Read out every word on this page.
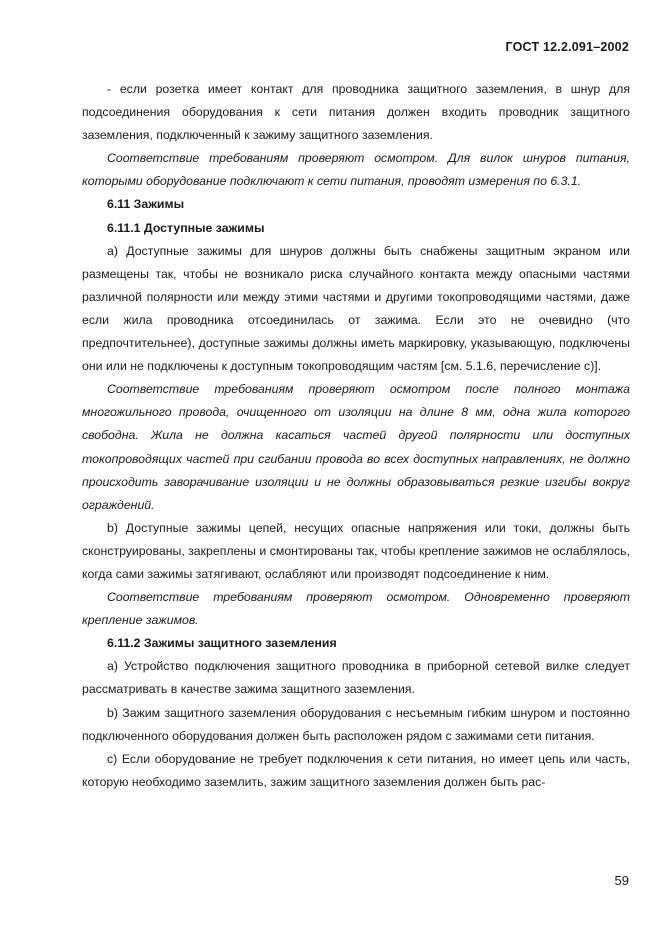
ГОСТ 12.2.091–2002

- если розетка имеет контакт для проводника защитного заземления, в шнур для подсоединения оборудования к сети питания должен входить проводник защитного заземления, подключенный к зажиму защитного заземления.

Соответствие требованиям проверяют осмотром. Для вилок шнуров питания, которыми оборудование подключают к сети питания, проводят измерения по 6.3.1.

6.11 Зажимы

6.11.1 Доступные зажимы

a) Доступные зажимы для шнуров должны быть снабжены защитным экраном или размещены так, чтобы не возникало риска случайного контакта между опасными частями различной полярности или между этими частями и другими токопроводящими частями, даже если жила проводника отсоединилась от зажима. Если это не очевидно (что предпочтительнее), доступные зажимы должны иметь маркировку, указывающую, подключены они или не подключены к доступным токопроводящим частям [см. 5.1.6, перечисление c)].

Соответствие требованиям проверяют осмотром после полного монтажа многожильного провода, очищенного от изоляции на длине 8 мм, одна жила которого свободна. Жила не должна касаться частей другой полярности или доступных токопроводящих частей при сгибании провода во всех доступных направлениях, не должно происходить заворачивание изоляции и не должны образовываться резкие изгибы вокруг ограждений.

b) Доступные зажимы цепей, несущих опасные напряжения или токи, должны быть сконструированы, закреплены и смонтированы так, чтобы крепление зажимов не ослаблялось, когда сами зажимы затягивают, ослабляют или производят подсоединение к ним.

Соответствие требованиям проверяют осмотром. Одновременно проверяют крепление зажимов.

6.11.2 Зажимы защитного заземления

a) Устройство подключения защитного проводника в приборной сетевой вилке следует рассматривать в качестве зажима защитного заземления.

b) Зажим защитного заземления оборудования с несъемным гибким шнуром и постоянно подключенного оборудования должен быть расположен рядом с зажимами сети питания.

c) Если оборудование не требует подключения к сети питания, но имеет цепь или часть, которую необходимо заземлить, зажим защитного заземления должен быть рас-

59
